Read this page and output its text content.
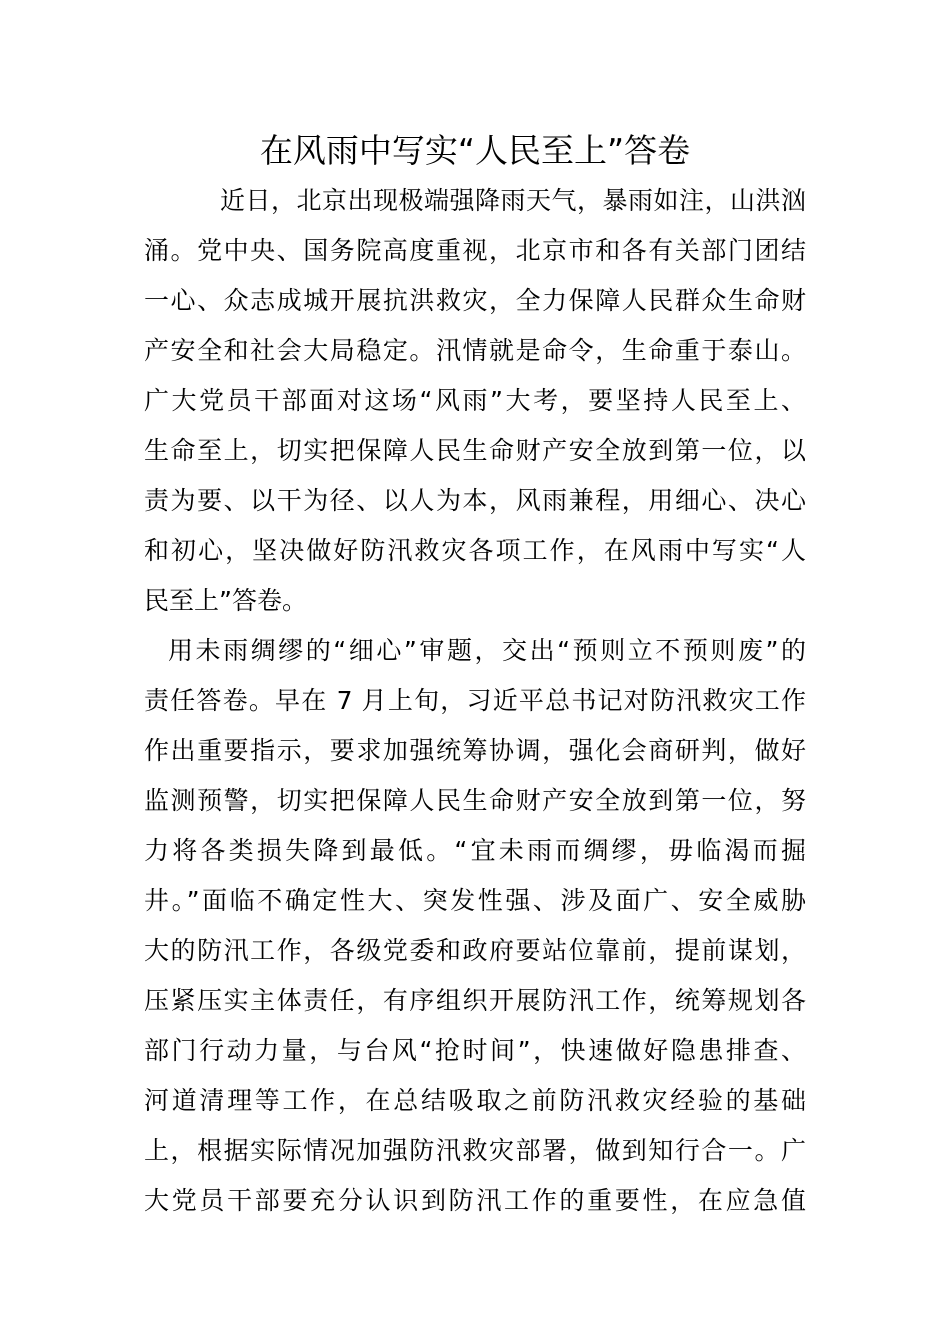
在风雨中写实“人民至上”答卷
近日，北京出现极端强降雨天气，暴雨如注，山洪汹
涌。党中央、国务院高度重视，北京市和各有关部门团结
一心、众志成城开展抗洪救灾，全力保障人民群众生命财
产安全和社会大局稳定。汛情就是命令，生命重于泰山。
广大党员干部面对这场“风雨”大考，要坚持人民至上、
生命至上，切实把保障人民生命财产安全放到第一位，以
责为要、以干为径、以人为本，风雨兼程，用细心、决心
和初心，坚决做好防汛救灾各项工作，在风雨中写实“人
民至上”答卷。
用未雨绸缪的“细心”审题，交出“预则立不预则废”的
责任答卷。早在 7 月上旬，习近平总书记对防汛救灾工作
作出重要指示，要求加强统筹协调，强化会商研判，做好
监测预警，切实把保障人民生命财产安全放到第一位，努
力将各类损失降到最低。“宜未雨而绸缪，毋临渴而掘
井。”面临不确定性大、突发性强、涉及面广、安全威胁
大的防汛工作，各级党委和政府要站位靠前，提前谋划，
压紧压实主体责任，有序组织开展防汛工作，统筹规划各
部门行动力量，与台风“抢时间”，快速做好隐患排查、
河道清理等工作，在总结吸取之前防汛救灾经验的基础
上，根据实际情况加强防汛救灾部署，做到知行合一。广
大党员干部要充分认识到防汛工作的重要性，在应急值
